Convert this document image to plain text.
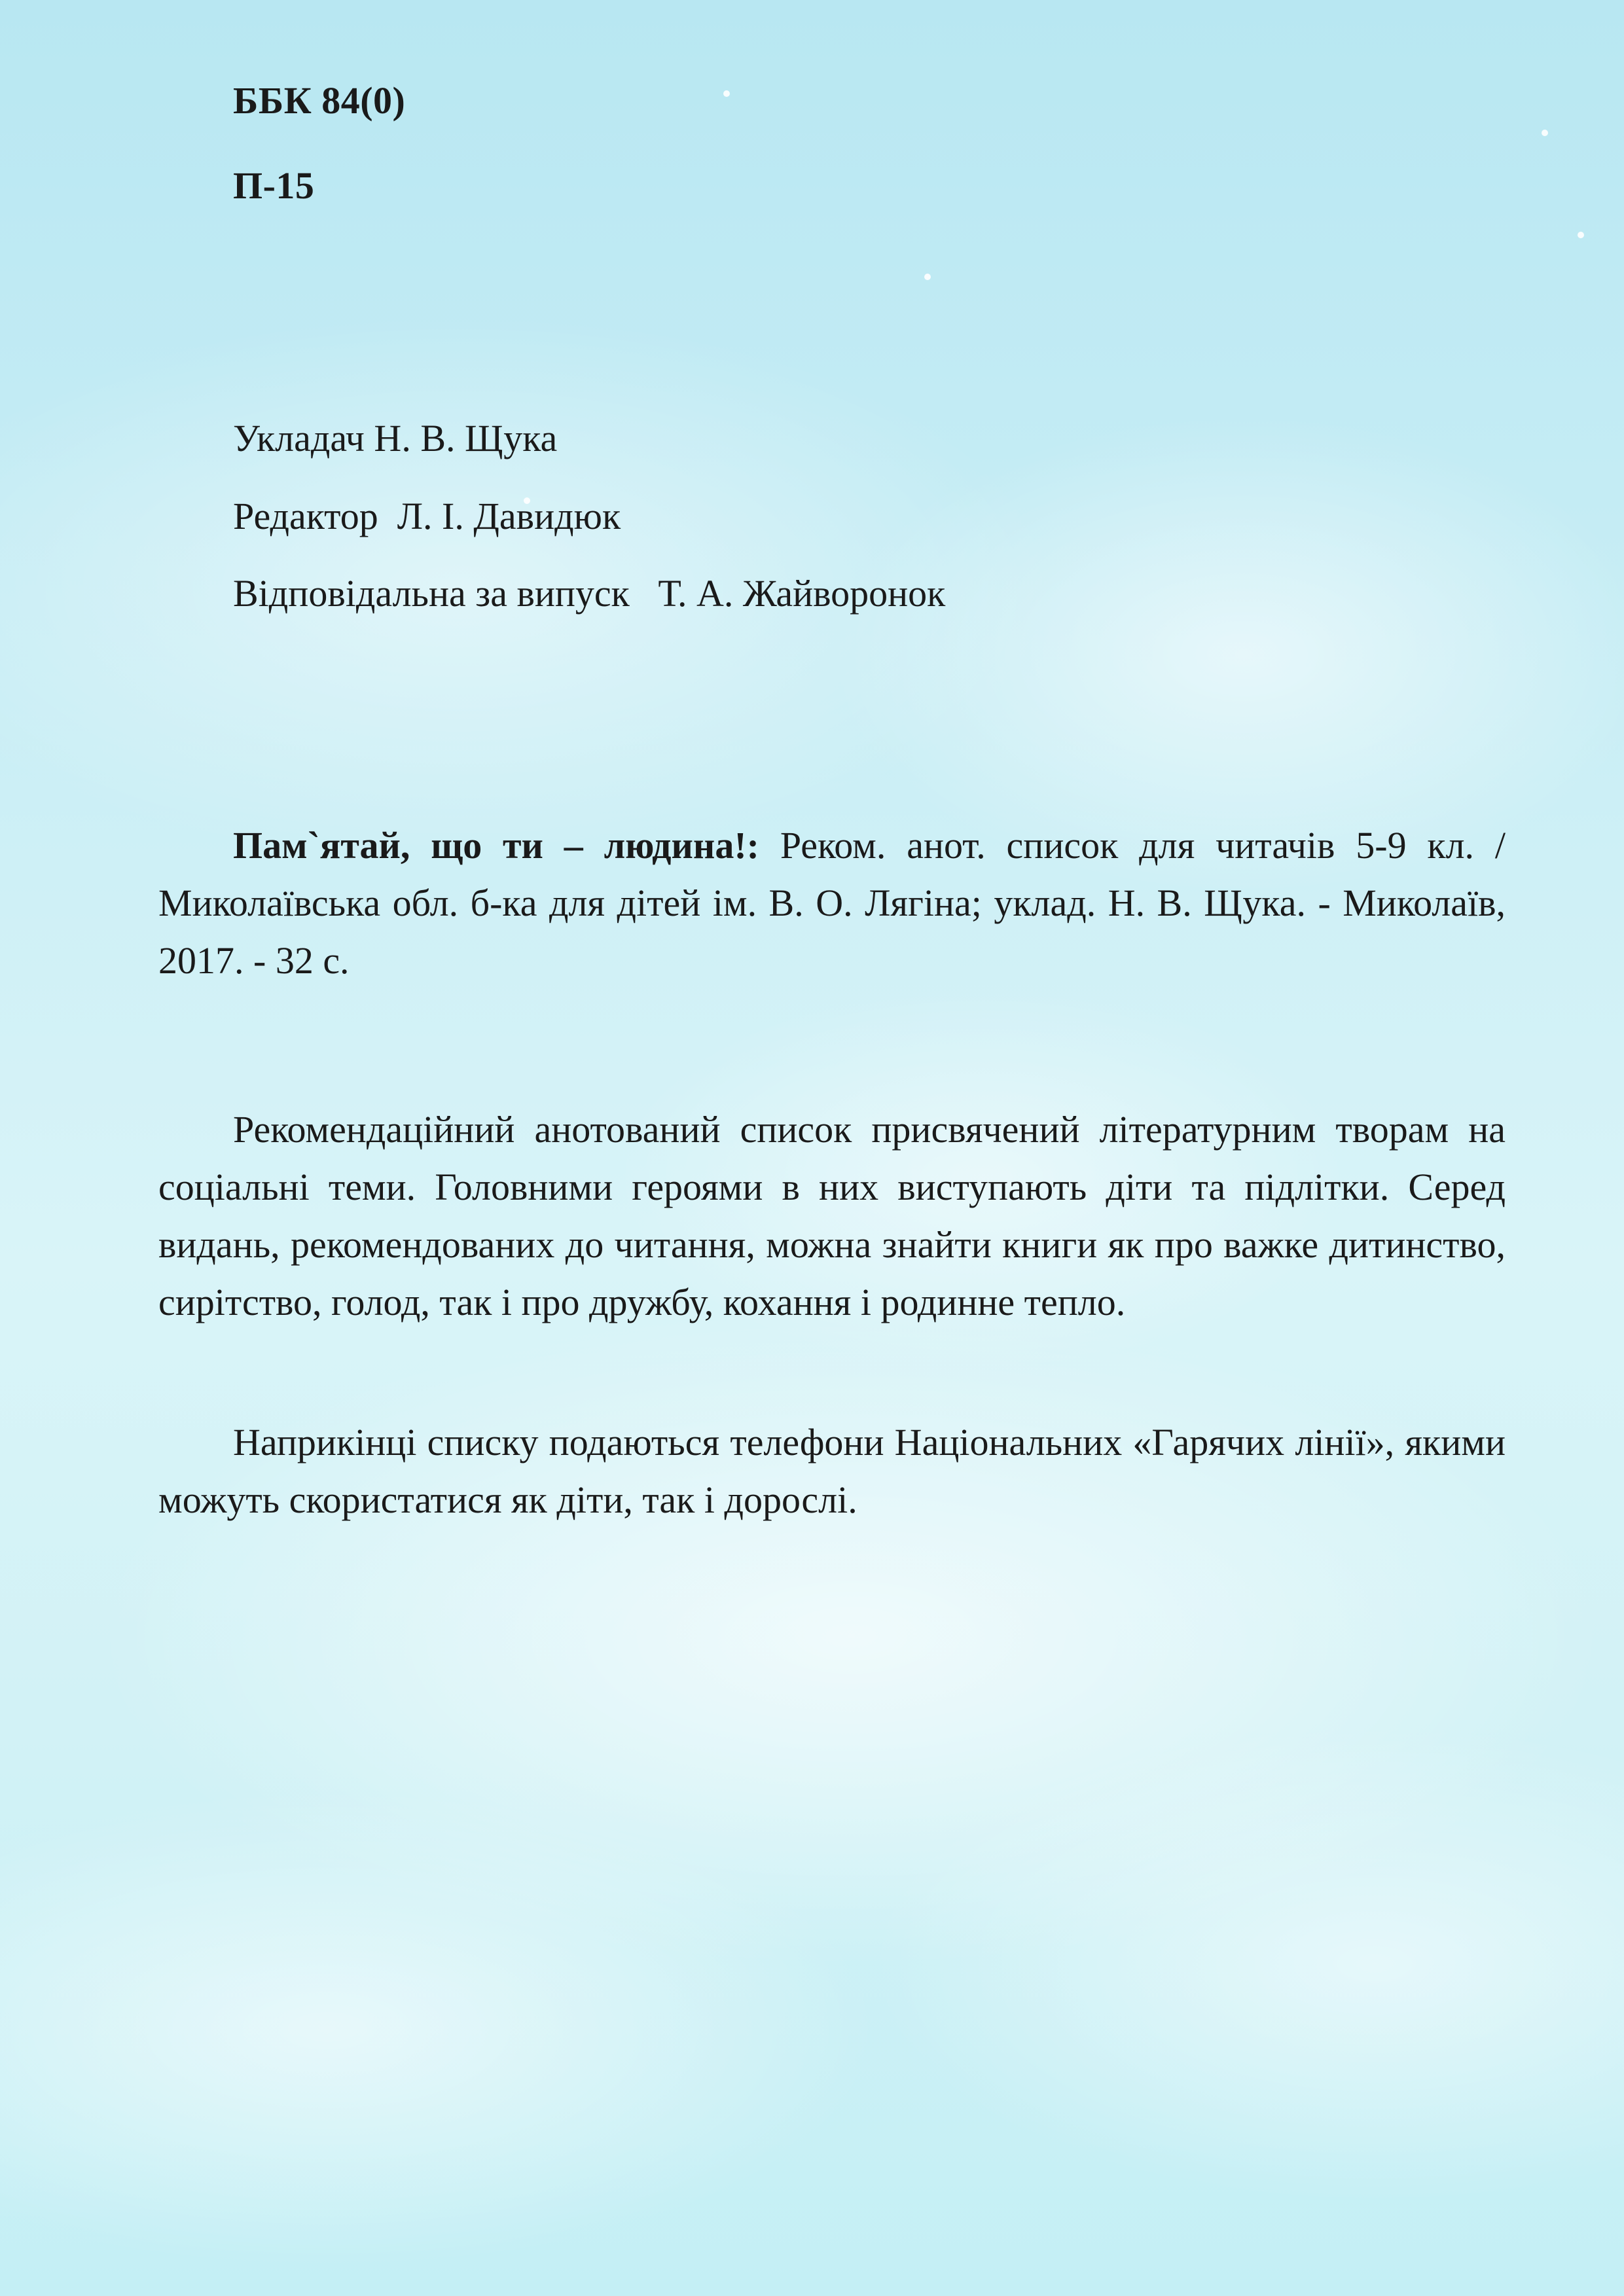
ББК 84(0)
П-15
Укладач Н. В. Щука
Редактор  Л. І. Давидюк
Відповідальна за випуск   Т. А. Жайворонок
Пам`ятай, що ти – людина!: Реком. анот. список для читачів 5-9 кл. / Миколаївська обл. б-ка для дітей ім. В. О. Лягіна; уклад. Н. В. Щука. - Миколаїв, 2017. - 32 с.
Рекомендаційний анотований список присвячений літературним творам на соціальні теми. Головними героями в них виступають діти та підлітки. Серед видань, рекомендованих до читання, можна знайти книги як про важке дитинство, сирітство, голод, так і про дружбу, кохання і родинне тепло.
Наприкінці списку подаються телефони Національних «Гарячих лінії», якими можуть скористатися як діти, так і дорослі.
